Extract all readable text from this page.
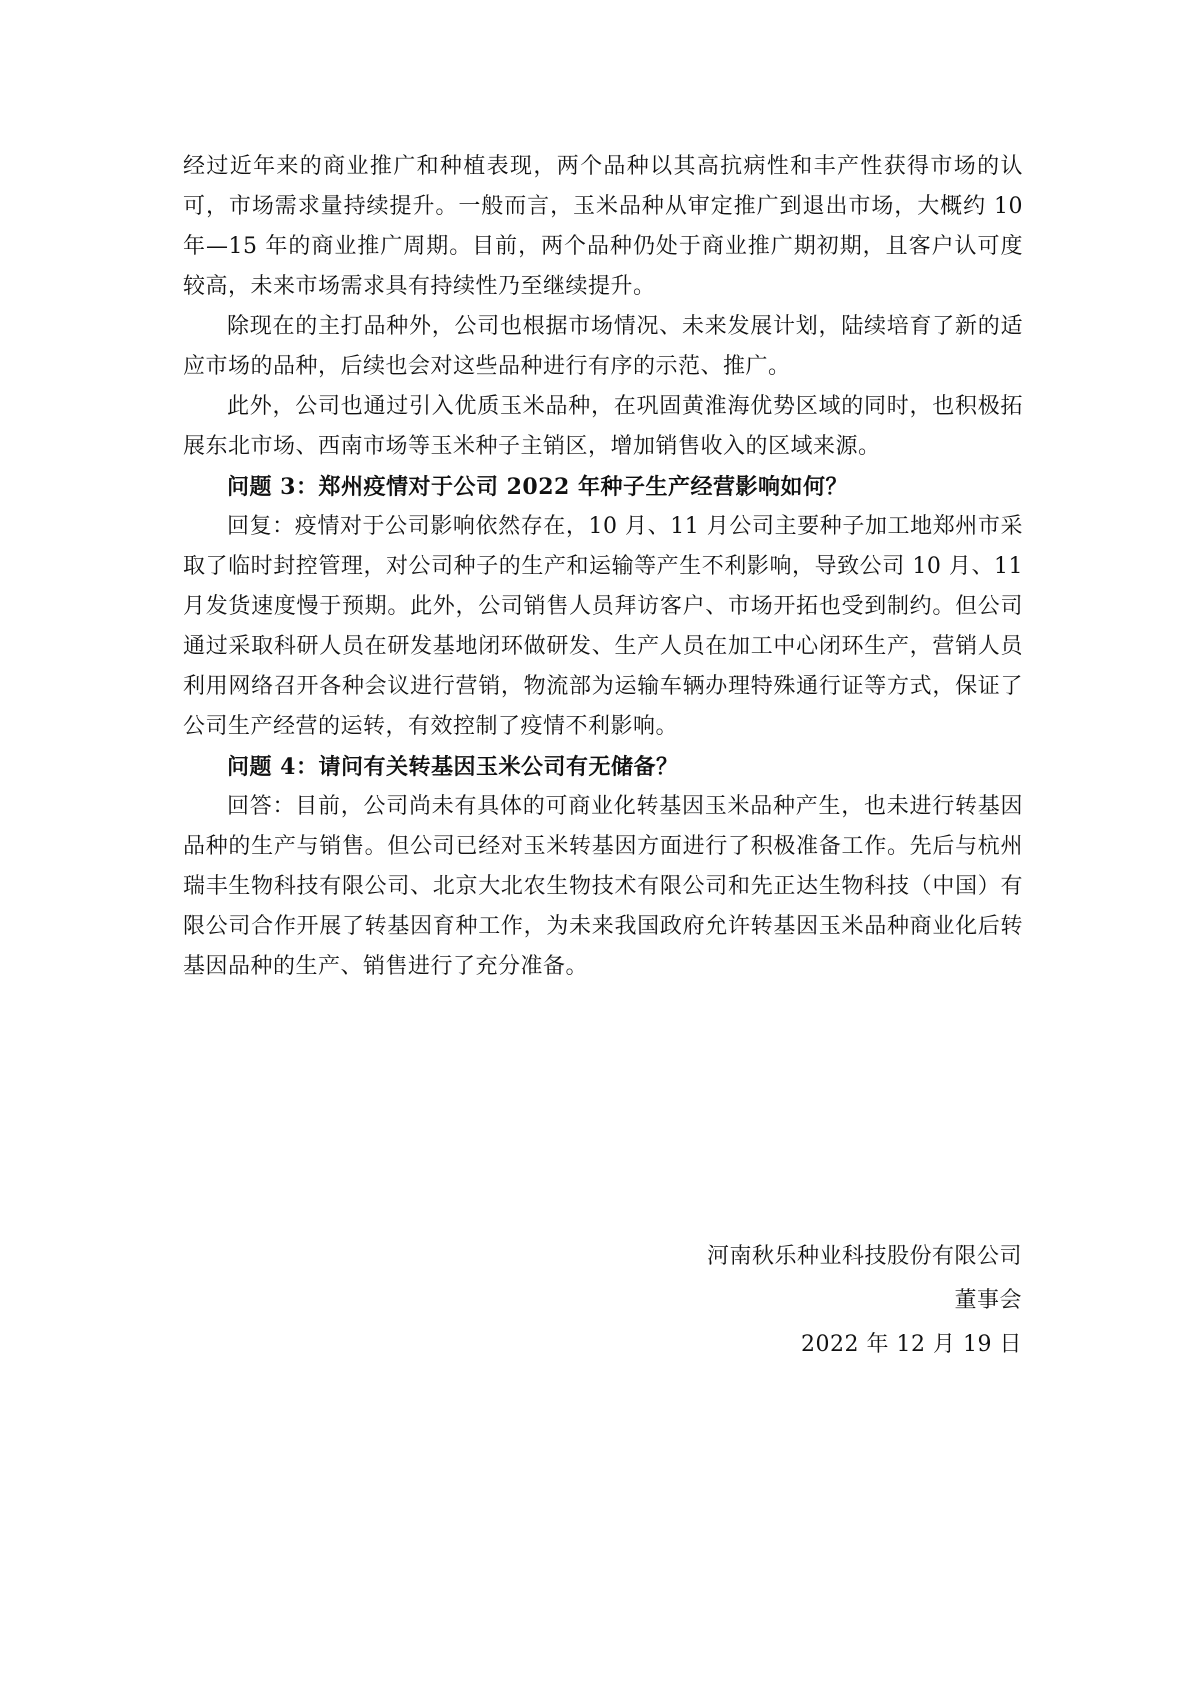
经过近年来的商业推广和种植表现，两个品种以其高抗病性和丰产性获得市场的认可，市场需求量持续提升。一般而言，玉米品种从审定推广到退出市场，大概约 10 年—15 年的商业推广周期。目前，两个品种仍处于商业推广期初期，且客户认可度较高，未来市场需求具有持续性乃至继续提升。

除现在的主打品种外，公司也根据市场情况、未来发展计划，陆续培育了新的适应市场的品种，后续也会对这些品种进行有序的示范、推广。

此外，公司也通过引入优质玉米品种，在巩固黄淮海优势区域的同时，也积极拓展东北市场、西南市场等玉米种子主销区，增加销售收入的区域来源。

问题 3：郑州疫情对于公司 2022 年种子生产经营影响如何？

回复：疫情对于公司影响依然存在，10 月、11 月公司主要种子加工地郑州市采取了临时封控管理，对公司种子的生产和运输等产生不利影响，导致公司 10 月、11 月发货速度慢于预期。此外，公司销售人员拜访客户、市场开拓也受到制约。但公司通过采取科研人员在研发基地闭环做研发、生产人员在加工中心闭环生产，营销人员利用网络召开各种会议进行营销，物流部为运输车辆办理特殊通行证等方式，保证了公司生产经营的运转，有效控制了疫情不利影响。

问题 4：请问有关转基因玉米公司有无储备？

回答：目前，公司尚未有具体的可商业化转基因玉米品种产生，也未进行转基因品种的生产与销售。但公司已经对玉米转基因方面进行了积极准备工作。先后与杭州瑞丰生物科技有限公司、北京大北农生物技术有限公司和先正达生物科技（中国）有限公司合作开展了转基因育种工作，为未来我国政府允许转基因玉米品种商业化后转基因品种的生产、销售进行了充分准备。

河南秋乐种业科技股份有限公司
董事会
2022 年 12 月 19 日
